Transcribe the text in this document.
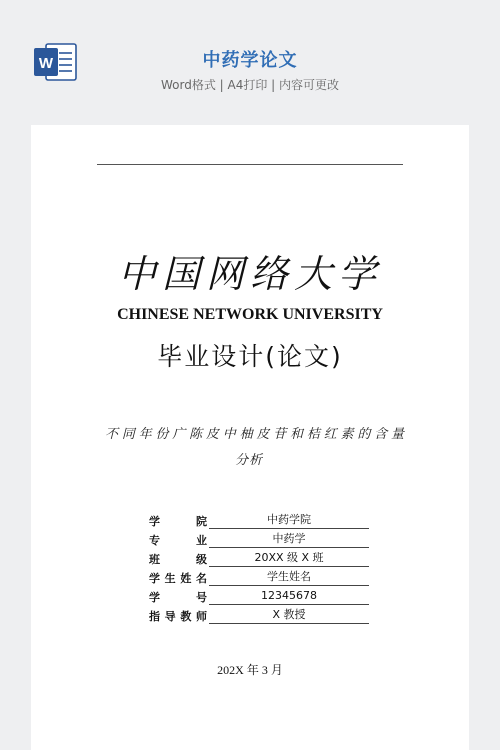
W	中药学论文
Word格式 | A4打印 | 内容可更改
中国网络大学
CHINESE NETWORK UNIVERSITY
毕业设计(论文)
不同年份广陈皮中柚皮苷和桔红素的含量
分析
学 院	中药学院
专 业	中药学
班 级	20XX 级 X 班
学生姓名	学生姓名
学 号	12345678
指导教师	X 教授
202X 年 3 月
